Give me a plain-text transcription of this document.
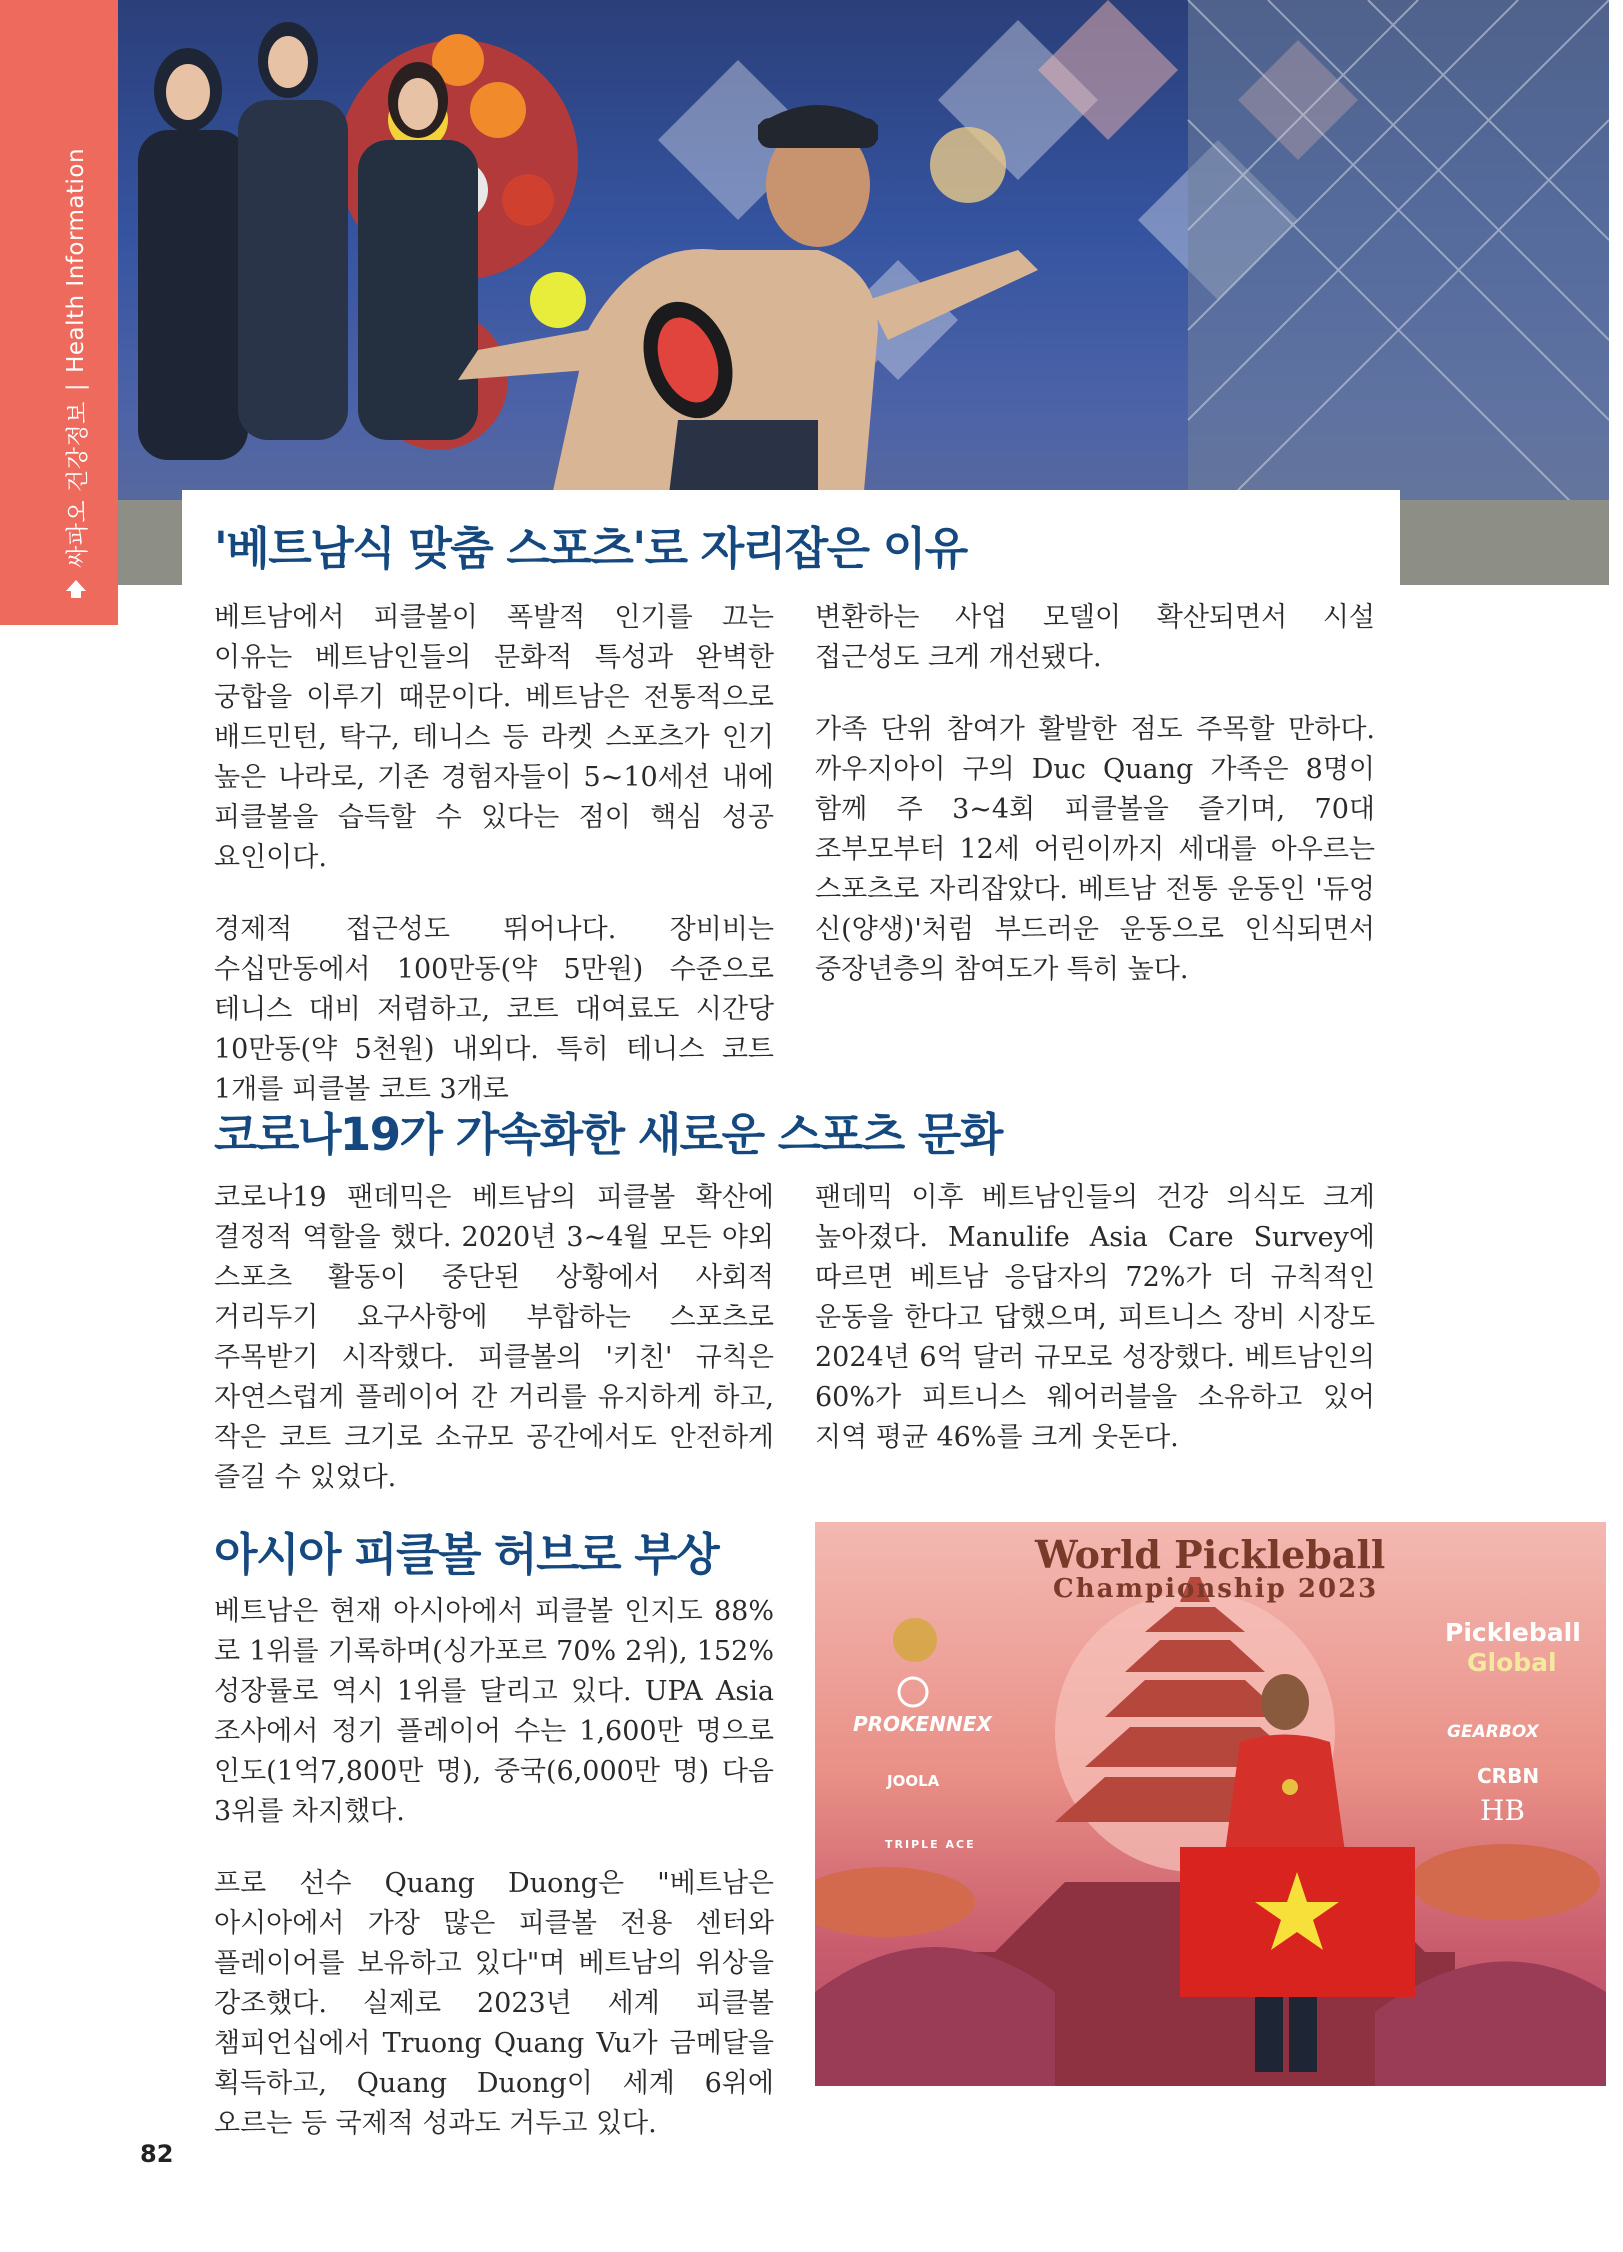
싸파오 건강정보
|
Health Information
'베트남식 맞춤 스포츠'로 자리잡은 이유

베트남에서 피클볼이 폭발적 인기를 끄는 이유는 베트남인들의 문화적 특성과 완벽한 궁합을 이루기 때문이다. 베트남은 전통적으로 배드민턴, 탁구, 테니스 등 라켓 스포츠가 인기 높은 나라로, 기존 경험자들이 5~10세션 내에 피클볼을 습득할 수 있다는 점이 핵심 성공 요인이다.

경제적 접근성도 뛰어나다. 장비비는 수십만동에서 100만동(약 5만원) 수준으로 테니스 대비 저렴하고, 코트 대여료도 시간당 10만동(약 5천원) 내외다. 특히 테니스 코트 1개를 피클볼 코트 3개로

변환하는 사업 모델이 확산되면서 시설 접근성도 크게 개선됐다.

가족 단위 참여가 활발한 점도 주목할 만하다. 까우지아이 구의 Duc Quang 가족은 8명이 함께 주 3~4회 피클볼을 즐기며, 70대 조부모부터 12세 어린이까지 세대를 아우르는 스포츠로 자리잡았다. 베트남 전통 운동인 '듀엉 신(양생)'처럼 부드러운 운동으로 인식되면서 중장년층의 참여도가 특히 높다.

코로나19가 가속화한 새로운 스포츠 문화

코로나19 팬데믹은 베트남의 피클볼 확산에 결정적 역할을 했다. 2020년 3~4월 모든 야외 스포츠 활동이 중단된 상황에서 사회적 거리두기 요구사항에 부합하는 스포츠로 주목받기 시작했다. 피클볼의 '키친' 규칙은 자연스럽게 플레이어 간 거리를 유지하게 하고, 작은 코트 크기로 소규모 공간에서도 안전하게 즐길 수 있었다.

팬데믹 이후 베트남인들의 건강 의식도 크게 높아졌다. Manulife Asia Care Survey에 따르면 베트남 응답자의 72%가 더 규칙적인 운동을 한다고 답했으며, 피트니스 장비 시장도 2024년 6억 달러 규모로 성장했다. 베트남인의 60%가 피트니스 웨어러블을 소유하고 있어 지역 평균 46%를 크게 웃돈다.

아시아 피클볼 허브로 부상

베트남은 현재 아시아에서 피클볼 인지도 88%로 1위를 기록하며(싱가포르 70% 2위), 152% 성장률로 역시 1위를 달리고 있다. UPA Asia 조사에서 정기 플레이어 수는 1,600만 명으로 인도(1억7,800만 명), 중국(6,000만 명) 다음 3위를 차지했다.

프로 선수 Quang Duong은 "베트남은 아시아에서 가장 많은 피클볼 전용 센터와 플레이어를 보유하고 있다"며 베트남의 위상을 강조했다. 실제로 2023년 세계 피클볼 챔피언십에서 Truong Quang Vu가 금메달을 획득하고, Quang Duong이 세계 6위에 오르는 등 국제적 성과도 거두고 있다.

World Pickleball
Championship 2023
PROKENNEX
JOOLA
TRIPLE ACE
Pickleball
Global
GEARBOX
CRBN
HB
82
